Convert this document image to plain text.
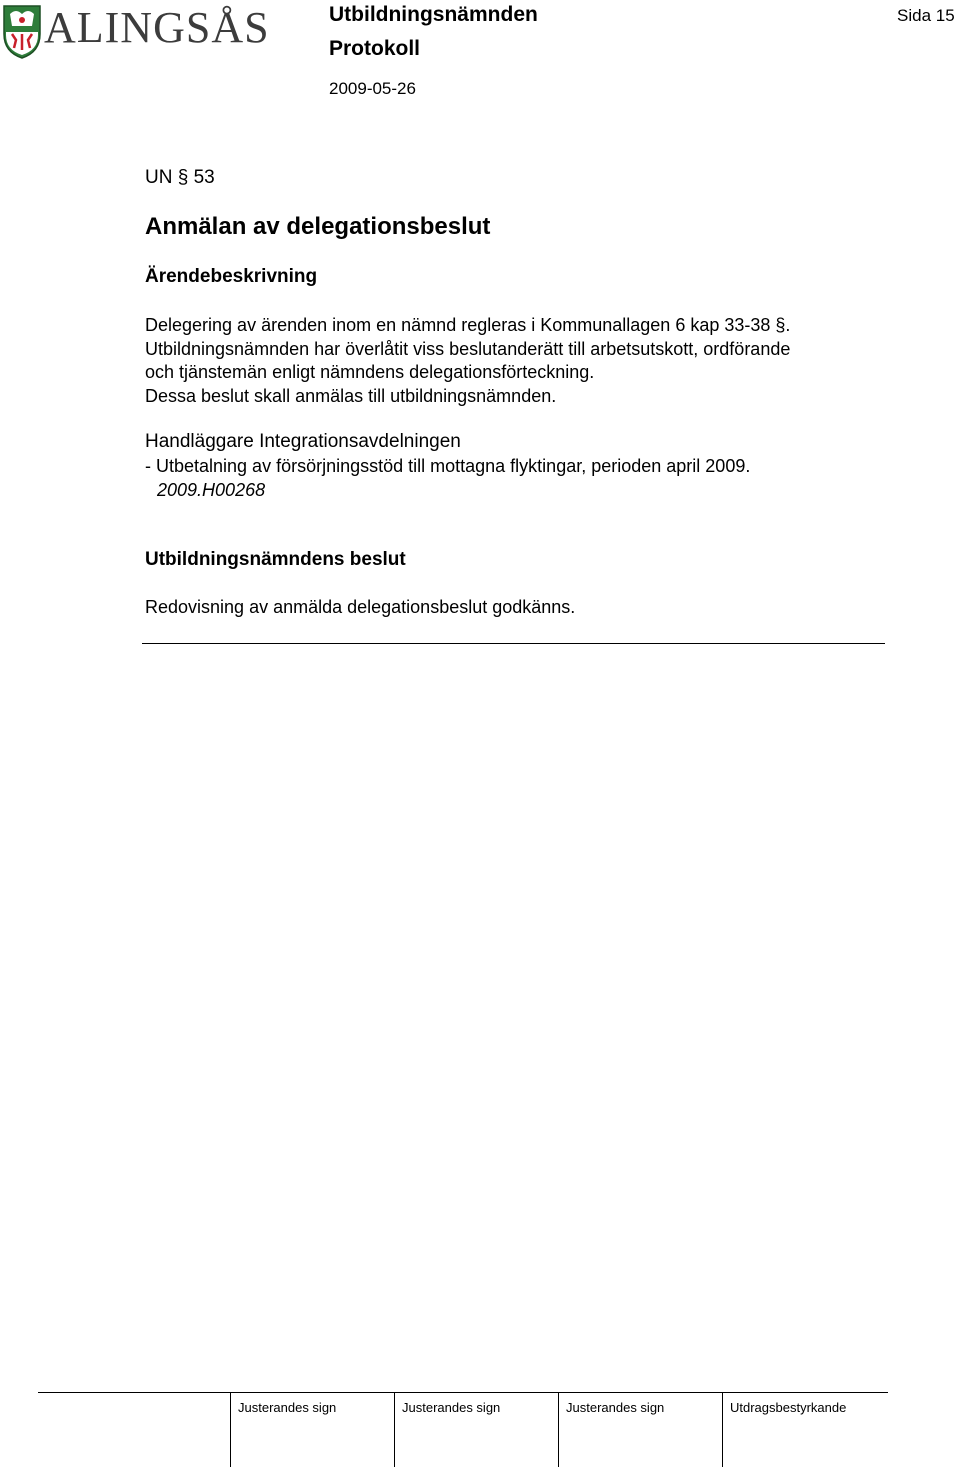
ALINGSÅS	Utbildningsnämnden
Protokoll
2009-05-26
Sida 15
UN § 53
Anmälan av delegationsbeslut
Ärendebeskrivning
Delegering av ärenden inom en nämnd regleras i Kommunallagen 6 kap 33-38 §.
Utbildningsnämnden har överlåtit viss beslutanderätt till arbetsutskott, ordförande
och tjänstemän enligt nämndens delegationsförteckning.
Dessa beslut skall anmälas till utbildningsnämnden.
Handläggare Integrationsavdelningen
- Utbetalning av försörjningsstöd till mottagna flyktingar, perioden april 2009.
2009.H00268
Utbildningsnämndens beslut
Redovisning av anmälda delegationsbeslut godkänns.
Justerandes sign	Justerandes sign	Justerandes sign	Utdragsbestyrkande
